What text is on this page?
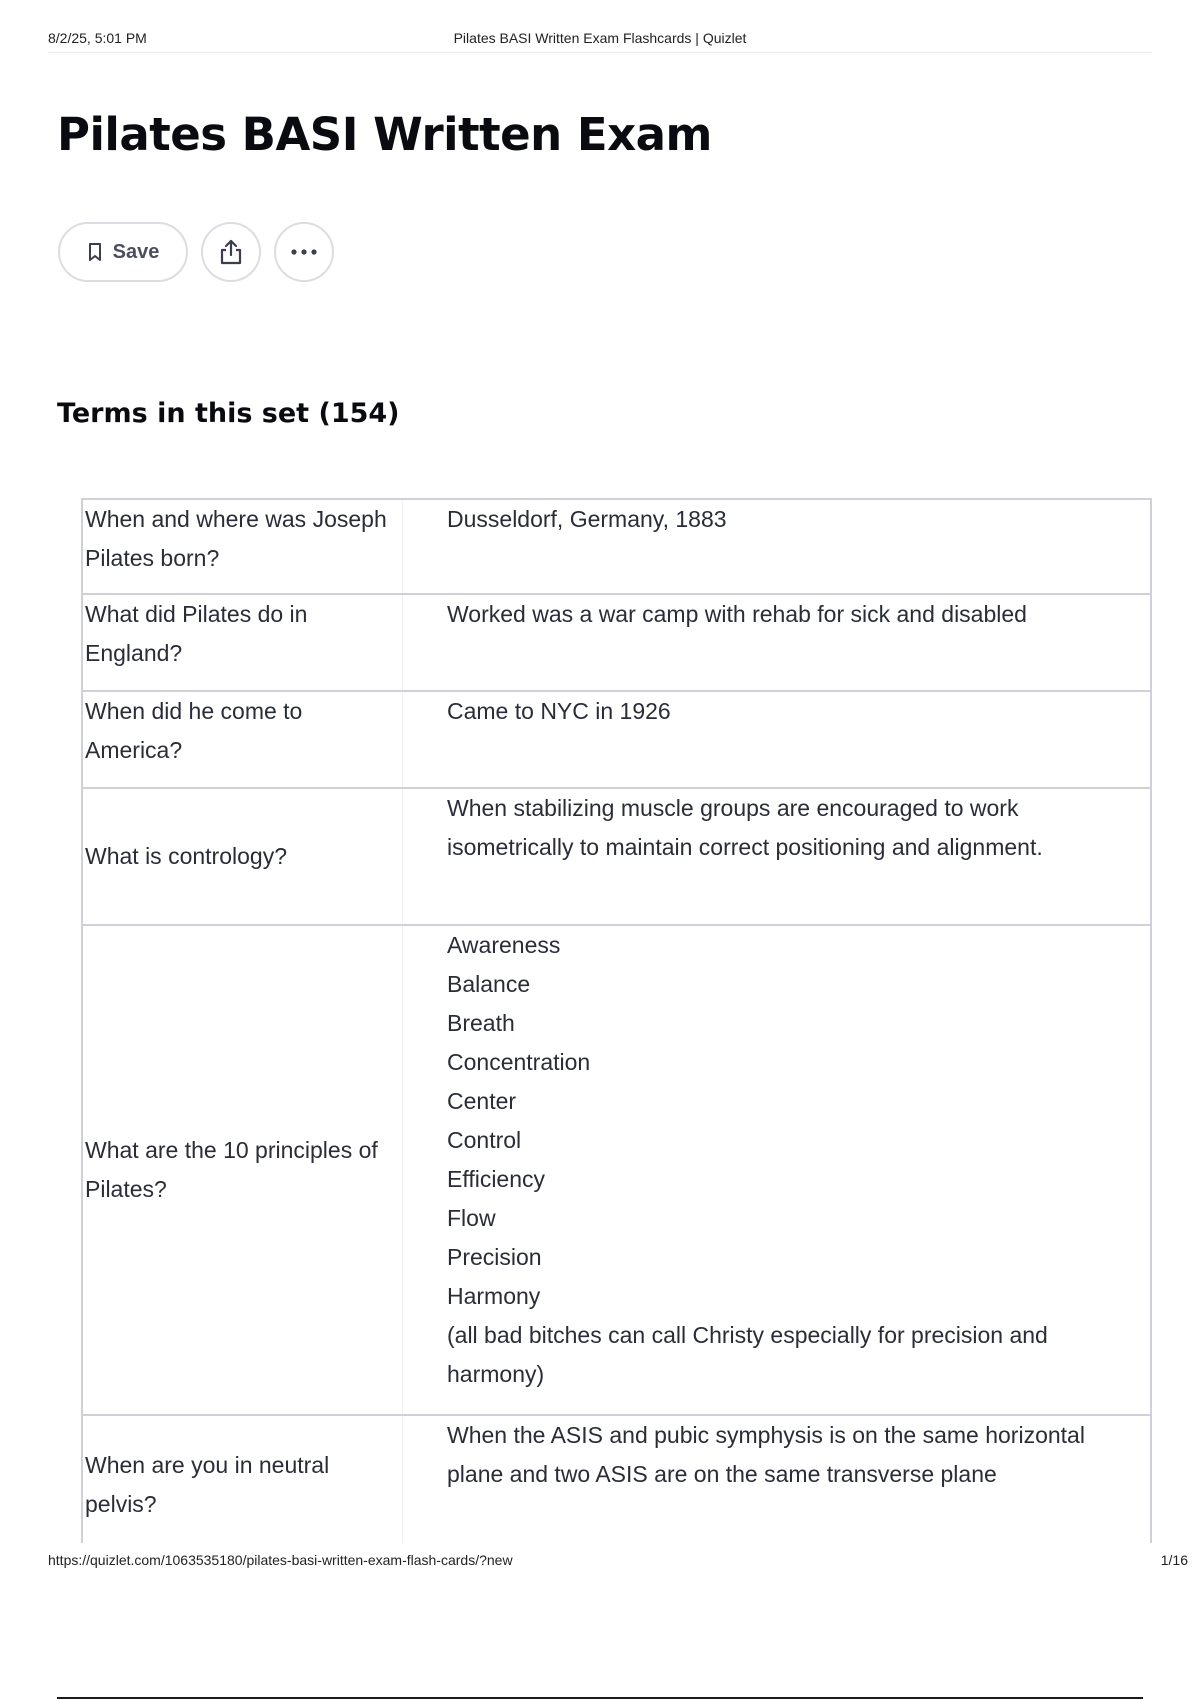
8/2/25, 5:01 PM	Pilates BASI Written Exam Flashcards | Quizlet
Pilates BASI Written Exam
Save
Terms in this set (154)
When and where was Joseph Pilates born?
Dusseldorf, Germany, 1883
What did Pilates do in England?
Worked was a war camp with rehab for sick and disabled
When did he come to America?
Came to NYC in 1926
What is contrology?
When stabilizing muscle groups are encouraged to work isometrically to maintain correct positioning and alignment.
What are the 10 principles of Pilates?
Awareness
Balance
Breath
Concentration
Center
Control
Efficiency
Flow
Precision
Harmony
(all bad bitches can call Christy especially for precision and harmony)
When are you in neutral pelvis?
When the ASIS and pubic symphysis is on the same horizontal plane and two ASIS are on the same transverse plane
https://quizlet.com/1063535180/pilates-basi-written-exam-flash-cards/?new	1/16
